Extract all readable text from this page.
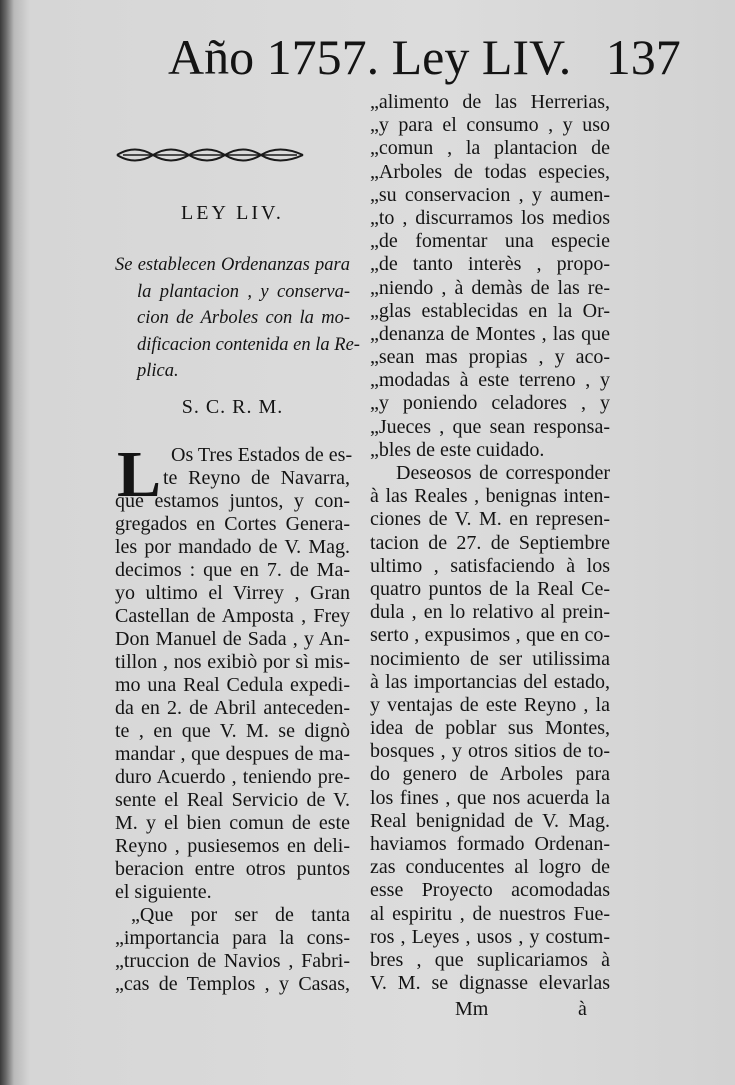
Año 1757. Ley LIV. 137
LEY LIV.
Se establecen Ordenanzas para
la plantacion , y conserva-
cion de Arboles con la mo-
dificacion contenida en la Re-
plica.
S. C. R. M.
L Os Tres Estados de es-
te Reyno de Navarra,
que estamos juntos, y con-
gregados en Cortes Genera-
les por mandado de V. Mag.
decimos : que en 7. de Ma-
yo ultimo el Virrey , Gran
Castellan de Amposta , Frey
Don Manuel de Sada , y An-
tillon , nos exibiò por sì mis-
mo una Real Cedula expedi-
da en 2. de Abril anteceden-
te , en que V. M. se dignò
mandar , que despues de ma-
duro Acuerdo , teniendo pre-
sente el Real Servicio de V.
M. y el bien comun de este
Reyno , pusiesemos en deli-
beracion entre otros puntos
el siguiente.
„Que por ser de tanta
„importancia para la cons-
„truccion de Navios , Fabri-
„cas de Templos , y Casas,
„alimento de las Herrerias,
„y para el consumo , y uso
„comun , la plantacion de
„Arboles de todas especies,
„su conservacion , y aumen-
„to , discurramos los medios
„de fomentar una especie
„de tanto interès , propo-
„niendo , à demàs de las re-
„glas establecidas en la Or-
„denanza de Montes , las que
„sean mas propias , y aco-
„modadas à este terreno , y
„y poniendo celadores , y
„Jueces , que sean responsa-
„bles de este cuidado.
Deseosos de corresponder
à las Reales , benignas inten-
ciones de V. M. en represen-
tacion de 27. de Septiembre
ultimo , satisfaciendo à los
quatro puntos de la Real Ce-
dula , en lo relativo al prein-
serto , expusimos , que en co-
nocimiento de ser utilissima
à las importancias del estado,
y ventajas de este Reyno , la
idea de poblar sus Montes,
bosques , y otros sitios de to-
do genero de Arboles para
los fines , que nos acuerda la
Real benignidad de V. Mag.
haviamos formado Ordenan-
zas conducentes al logro de
esse Proyecto acomodadas
al espiritu , de nuestros Fue-
ros , Leyes , usos , y costum-
bres , que suplicariamos à
V. M. se dignasse elevarlas
Mm	à
